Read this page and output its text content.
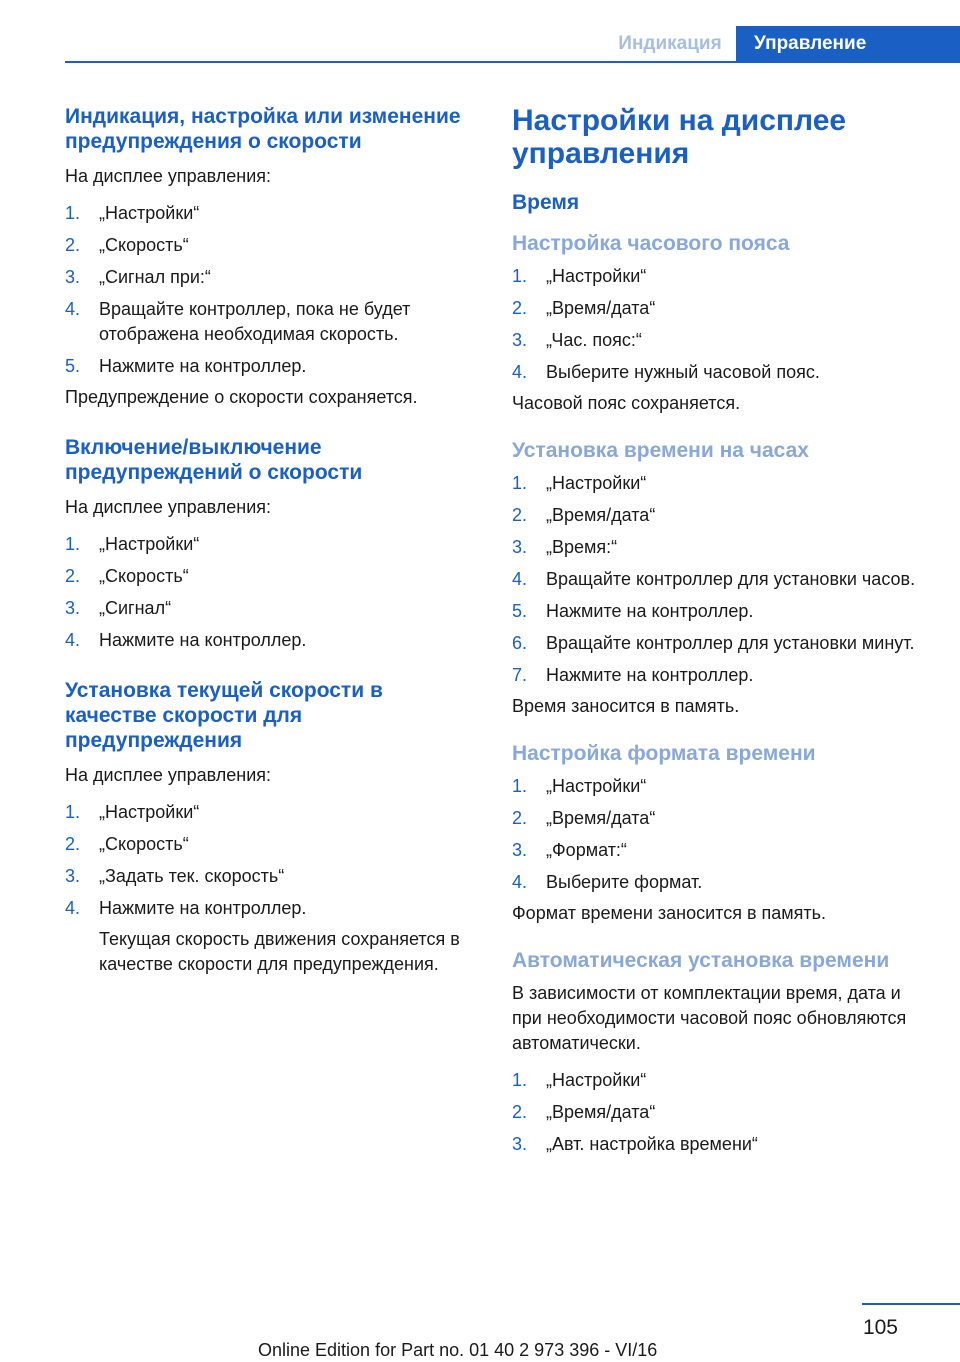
Индикация	Управление
Индикация, настройка или изменение предупреждения о скорости

На дисплее управления:

1. „Настройки“
2. „Скорость“
3. „Сигнал при:“
4. Вращайте контроллер, пока не будет отображена необходимая скорость.
5. Нажмите на контроллер.

Предупреждение о скорости сохраняется.

Включение/выключение предупреждений о скорости

На дисплее управления:

1. „Настройки“
2. „Скорость“
3. „Сигнал“
4. Нажмите на контроллер.
Установка текущей скорости в качестве скорости для предупреждения

На дисплее управления:

1. „Настройки“
2. „Скорость“
3. „Задать тек. скорость“
4. Нажмите на контроллер.

Текущая скорость движения сохраняется в качестве скорости для предупреждения.

Настройки на дисплее управления
Время
Настройка часового пояса
1. „Настройки“
2. „Время/дата“
3. „Час. пояс:“
4. Выберите нужный часовой пояс.

Часовой пояс сохраняется.

Установка времени на часах
1. „Настройки“
2. „Время/дата“
3. „Время:“
4. Вращайте контроллер для установки часов.
5. Нажмите на контроллер.
6. Вращайте контроллер для установки минут.
7. Нажмите на контроллер.

Время заносится в память.

Настройка формата времени
1. „Настройки“
2. „Время/дата“
3. „Формат:“
4. Выберите формат.

Формат времени заносится в память.

Автоматическая установка времени

В зависимости от комплектации время, дата и при необходимости часовой пояс обновляются автоматически.

1. „Настройки“
2. „Время/дата“
3. „Авт. настройка времени“
105
Online Edition for Part no. 01 40 2 973 396 - VI/16
